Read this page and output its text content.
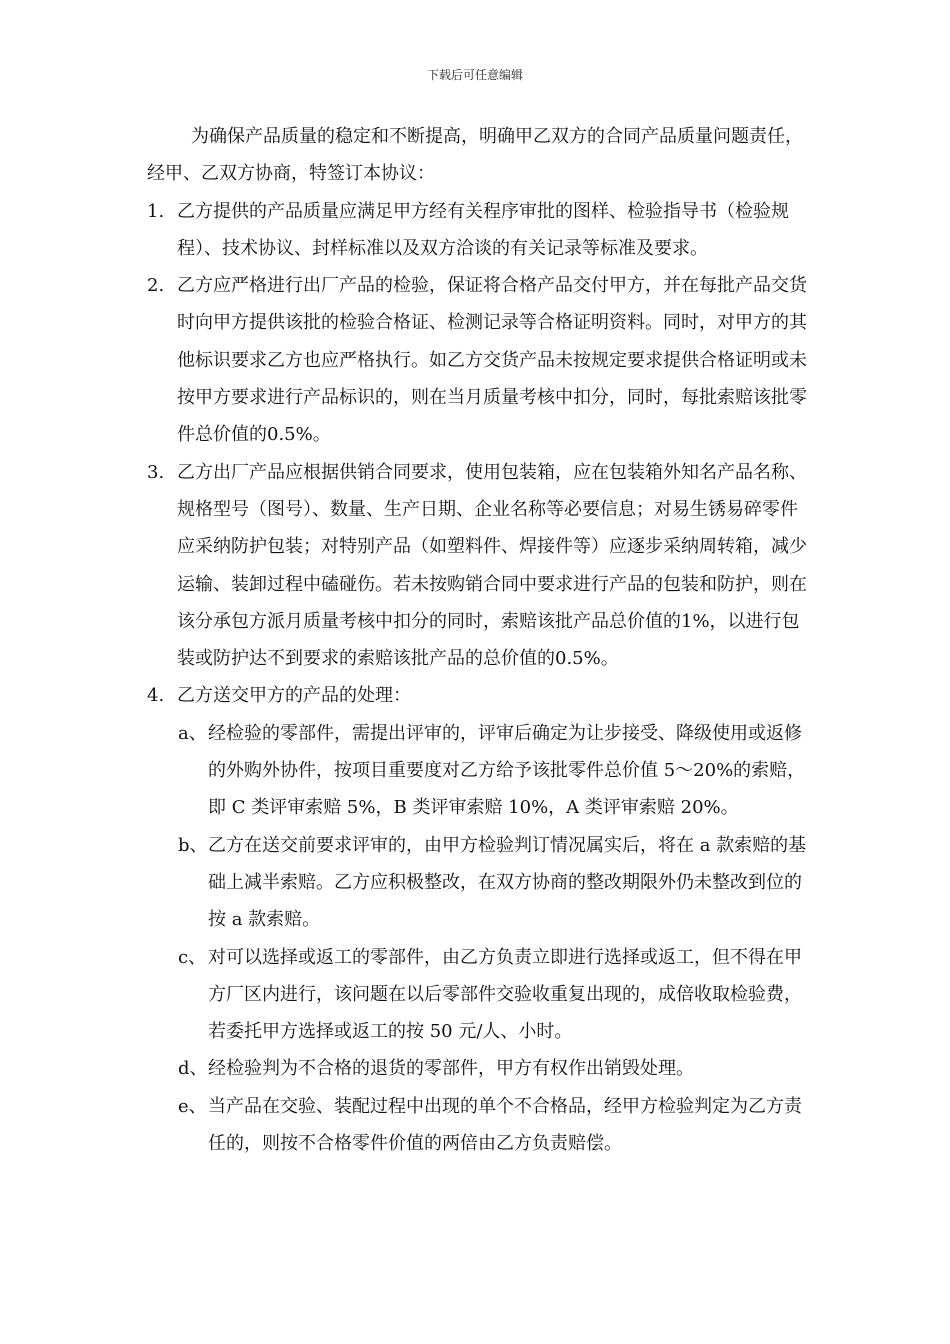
下载后可任意编辑

为确保产品质量的稳定和不断提高，明确甲乙双方的合同产品质量问题责任，经甲、乙双方协商，特签订本协议：

1. 乙方提供的产品质量应满足甲方经有关程序审批的图样、检验指导书（检验规程）、技术协议、封样标准以及双方洽谈的有关记录等标准及要求。
2. 乙方应严格进行出厂产品的检验，保证将合格产品交付甲方，并在每批产品交货时向甲方提供该批的检验合格证、检测记录等合格证明资料。同时，对甲方的其他标识要求乙方也应严格执行。如乙方交货产品未按规定要求提供合格证明或未按甲方要求进行产品标识的，则在当月质量考核中扣分，同时，每批索赔该批零件总价值的0.5%。
3. 乙方出厂产品应根据供销合同要求，使用包装箱，应在包装箱外知名产品名称、规格型号（图号）、数量、生产日期、企业名称等必要信息；对易生锈易碎零件应采纳防护包装；对特别产品（如塑料件、焊接件等）应逐步采纳周转箱，减少运输、装卸过程中磕碰伤。若未按购销合同中要求进行产品的包装和防护，则在该分承包方派月质量考核中扣分的同时，索赔该批产品总价值的1%，以进行包装或防护达不到要求的索赔该批产品的总价值的0.5%。
4. 乙方送交甲方的产品的处理：
a、 经检验的零部件，需提出评审的，评审后确定为让步接受、降级使用或返修的外购外协件，按项目重要度对乙方给予该批零件总价值 5～20%的索赔，即 C 类评审索赔 5%，B 类评审索赔 10%，A 类评审索赔 20%。
b、 乙方在送交前要求评审的，由甲方检验判订情况属实后，将在 a 款索赔的基础上减半索赔。乙方应积极整改，在双方协商的整改期限外仍未整改到位的按 a 款索赔。
c、 对可以选择或返工的零部件，由乙方负责立即进行选择或返工，但不得在甲方厂区内进行，该问题在以后零部件交验收重复出现的，成倍收取检验费，若委托甲方选择或返工的按 50 元/人、小时。
d、 经检验判为不合格的退货的零部件，甲方有权作出销毁处理。
e、 当产品在交验、装配过程中出现的单个不合格品，经甲方检验判定为乙方责任的，则按不合格零件价值的两倍由乙方负责赔偿。
